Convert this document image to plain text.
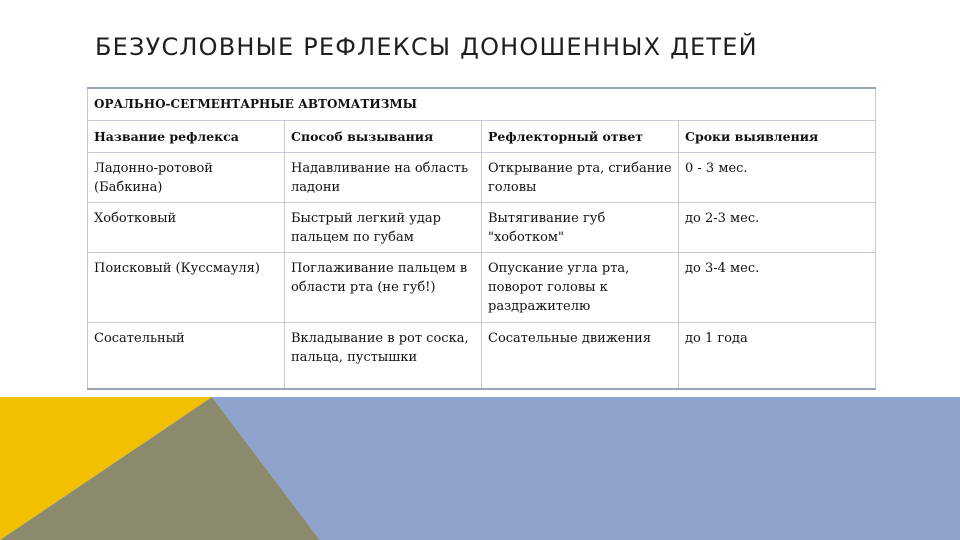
БЕЗУСЛОВНЫЕ РЕФЛЕКСЫ ДОНОШЕННЫХ ДЕТЕЙ
ОРАЛЬНО-СЕГМЕНТАРНЫЕ АВТОМАТИЗМЫ			
Название рефлекса	Способ вызывания	Рефлекторный ответ	Сроки выявления
Ладонно-ротовой (Бабкина)	Надавливание на область ладони	Открывание рта, сгибание головы	0 - 3 мес.
Хоботковый	Быстрый легкий удар пальцем по губам	Вытягивание губ "хоботком"	до 2-3 мес.
Поисковый (Куссмауля)	Поглаживание пальцем в области рта (не губ!)	Опускание угла рта, поворот головы к раздражителю	до 3-4 мес.
Сосательный	Вкладывание в рот соска, пальца, пустышки	Сосательные движения	до 1 года
